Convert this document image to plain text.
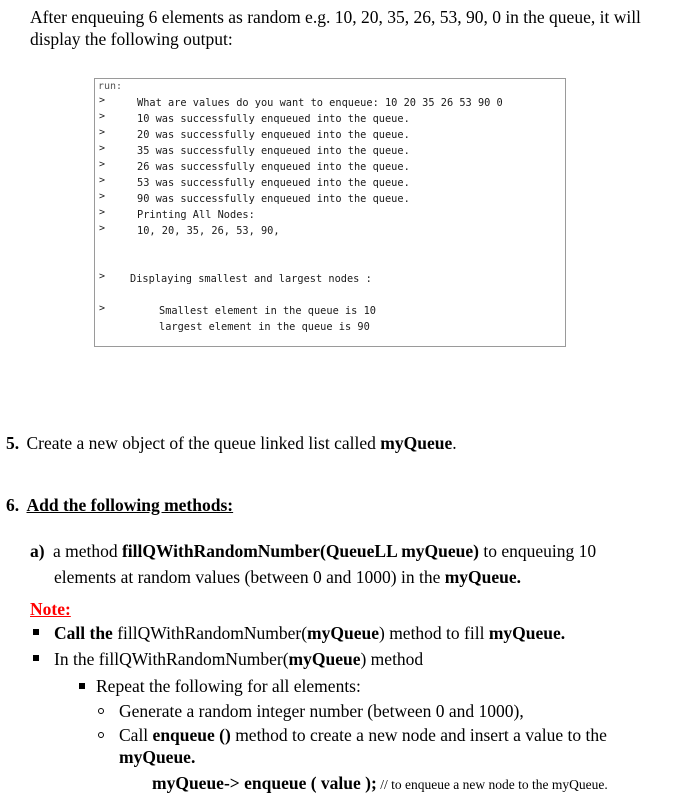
After enqueuing 6 elements as random e.g. 10, 20, 35, 26, 53, 90, 0 in the queue, it will display the following output:
run:
>
>
>
>
>
>
>
>
>
>
>
What are values do you want to enqueue: 10 20 35 26 53 90 0
10 was successfully enqueued into the queue.
20 was successfully enqueued into the queue.
35 was successfully enqueued into the queue.
26 was successfully enqueued into the queue.
53 was successfully enqueued into the queue.
90 was successfully enqueued into the queue.
Printing All Nodes:
10, 20, 35, 26, 53, 90,
Displaying smallest and largest nodes :
Smallest element in the queue is 10
largest element in the queue is 90
5. Create a new object of the queue linked list called myQueue.
6. Add the following methods:
a) a method fillQWithRandomNumber(QueueLL myQueue) to enqueuing 10
elements at random values (between 0 and 1000) in the myQueue.
Note:
Call the fillQWithRandomNumber(myQueue) method to fill myQueue.
In the fillQWithRandomNumber(myQueue) method
Repeat the following for all elements:
Generate a random integer number (between 0 and 1000),
Call enqueue () method to create a new node and insert a value to the
myQueue.
myQueue-> enqueue ( value ); // to enqueue a new node to the myQueue.
